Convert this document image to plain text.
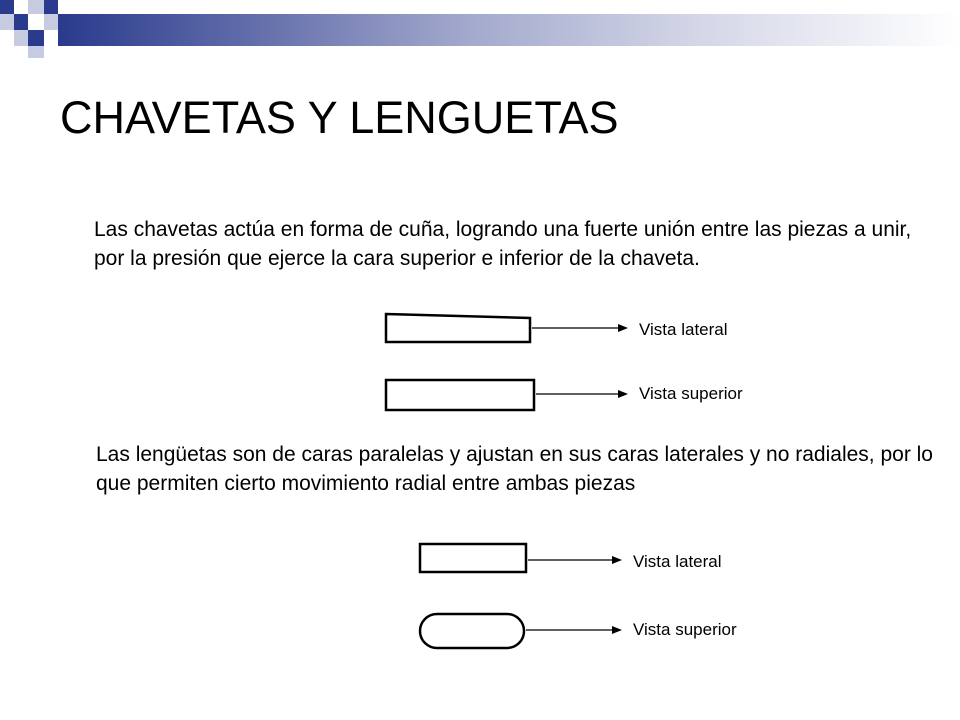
CHAVETAS Y LENGUETAS

Las chavetas actúa en forma de cuña, logrando una fuerte unión entre las piezas a unir, por la presión que ejerce la cara superior e inferior de la chaveta.

Vista lateral
Vista superior

Las lengüetas son de caras paralelas y ajustan en sus caras laterales y no radiales, por lo que permiten cierto movimiento radial entre ambas piezas

Vista lateral
Vista superior
